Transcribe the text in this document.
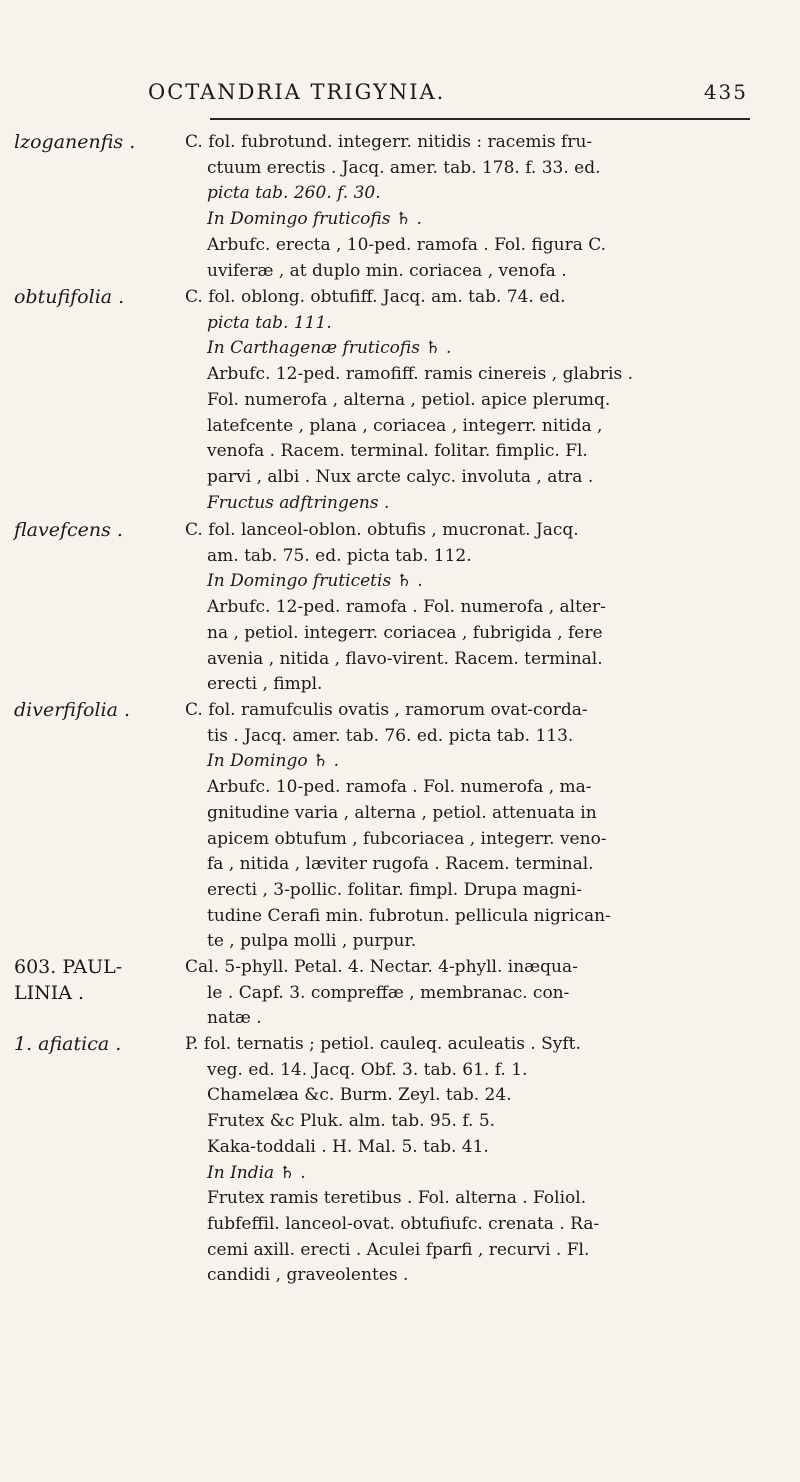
OCTANDRIA TRIGYNIA.	435
lzoganenfis .	C. fol. fubrotund. integerr. nitidis : racemis fru-

ctuum erectis . Jacq. amer. tab. 178. f. 33. ed.

picta tab. 260. f. 30.

In Domingo fruticofis ♄ .

Arbufc. erecta , 10-ped. ramofa . Fol. figura C.

uviferæ , at duplo min. coriacea , venofa .

obtufifolia .	C. fol. oblong. obtufiff. Jacq. am. tab. 74. ed.

picta tab. 111.

In Carthagenæ fruticofis ♄ .

Arbufc. 12-ped. ramofiff. ramis cinereis , glabris .

Fol. numerofa , alterna , petiol. apice plerumq.

latefcente , plana , coriacea , integerr. nitida ,

venofa . Racem. terminal. folitar. fimplic. Fl.

parvi , albi . Nux arcte calyc. involuta , atra .

Fructus adftringens .

flavefcens .	C. fol. lanceol-oblon. obtufis , mucronat. Jacq.

am. tab. 75. ed. picta tab. 112.

In Domingo fruticetis ♄ .

Arbufc. 12-ped. ramofa . Fol. numerofa , alter-

na , petiol. integerr. coriacea , fubrigida , fere

avenia , nitida , flavo-virent. Racem. terminal.

erecti , fimpl.

diverfifolia .	C. fol. ramufculis ovatis , ramorum ovat-corda-

tis . Jacq. amer. tab. 76. ed. picta tab. 113.

In Domingo ♄ .

Arbufc. 10-ped. ramofa . Fol. numerofa , ma-

gnitudine varia , alterna , petiol. attenuata in

apicem obtufum , fubcoriacea , integerr. veno-

fa , nitida , læviter rugofa . Racem. terminal.

erecti , 3-pollic. folitar. fimpl. Drupa magni-

tudine Cerafi min. fubrotun. pellicula nigrican-

te , pulpa molli , purpur.

603. PAUL-
LINIA .

Cal. 5-phyll. Petal. 4. Nectar. 4-phyll. inæqua-

le . Capf. 3. compreffæ , membranac. con-

natæ .

1. afiatica .	P. fol. ternatis ; petiol. cauleq. aculeatis . Syft.

veg. ed. 14. Jacq. Obf. 3. tab. 61. f. 1.

Chamelæa &c. Burm. Zeyl. tab. 24.

Frutex &c Pluk. alm. tab. 95. f. 5.

Kaka-toddali . H. Mal. 5. tab. 41.

In India ♄ .

Frutex ramis teretibus . Fol. alterna . Foliol.

fubfeffil. lanceol-ovat. obtufiufc. crenata . Ra-

cemi axill. erecti . Aculei fparfi , recurvi . Fl.

candidi , graveolentes .
